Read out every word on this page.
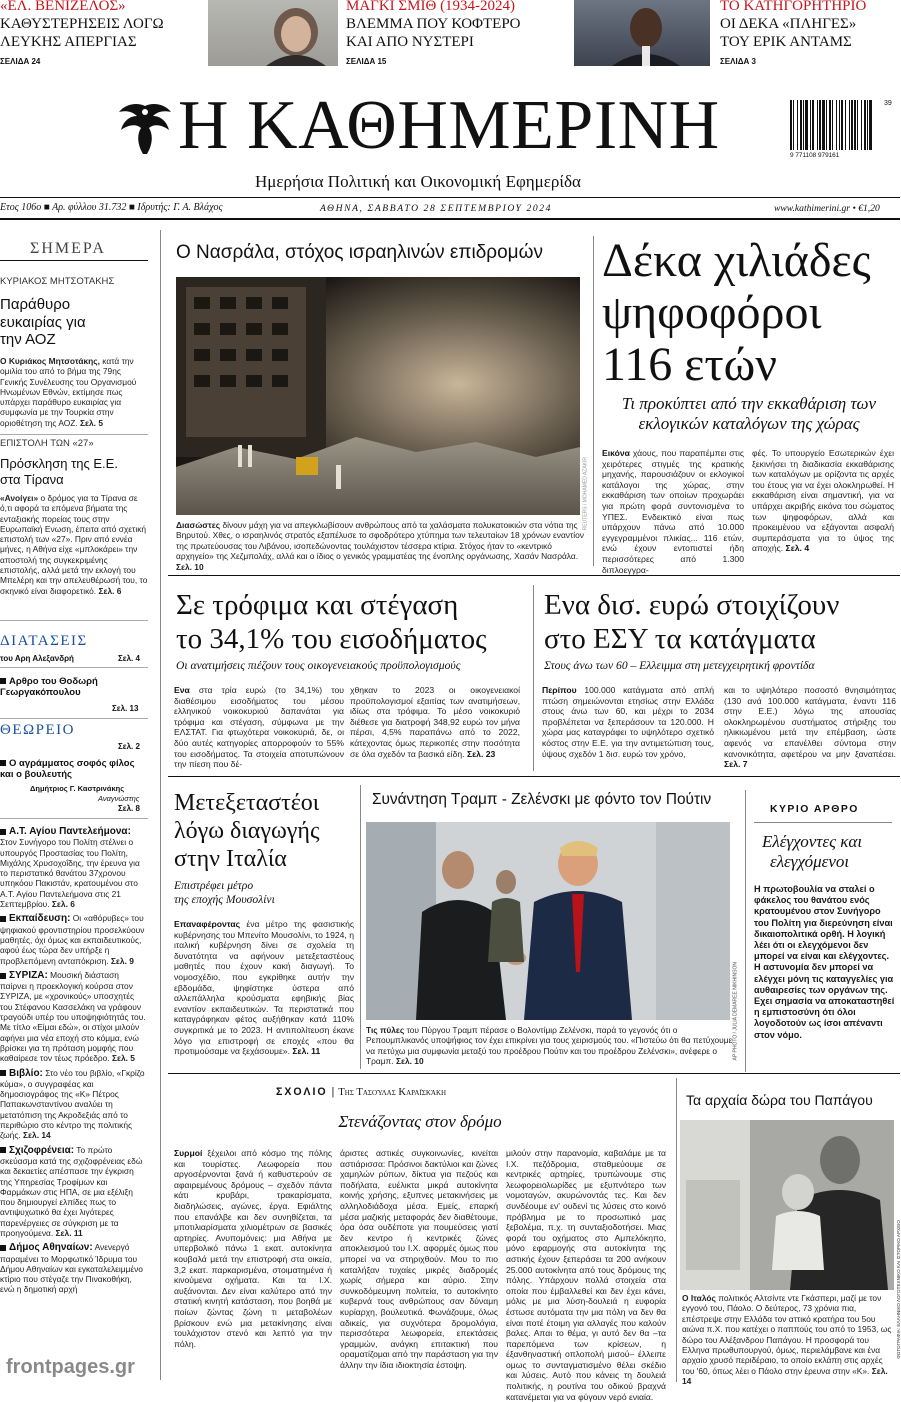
«ΕΛ. ΒΕΝΙΖΕΛΟΣ»
ΚΑΘΥΣΤΕΡΗΣΕΙΣ ΛΟΓΩ
ΛΕΥΚΗΣ ΑΠΕΡΓΙΑΣ
ΣΕΛΙΔΑ 24
ΜΑΓΚΙ ΣΜΙΘ (1934-2024)
ΒΛΕΜΜΑ ΠΟΥ ΚΟΦΤΕΡΟ
ΚΑΙ ΑΠΟ ΝΥΣΤΕΡΙ
ΣΕΛΙΔΑ 15
ΤΟ ΚΑΤΗΓΟΡΗΤΗΡΙΟ
ΟΙ ΔΕΚΑ «ΠΛΗΓΕΣ»
ΤΟΥ ΕΡΙΚ ΑΝΤΑΜΣ
ΣΕΛΙΔΑ 3
Η ΚΑΘΗΜΕΡΙΝΗ
Ημερήσια Πολιτική και Οικονομική Εφημερίδα
9 771108 979161
39
Ετος 106ο ■ Αρ. φύλλου 31.732 ■ Ιδρυτής: Γ. Α. Βλάχος	ΑΘΗΝΑ, ΣΑΒΒΑΤΟ 28 ΣΕΠΤΕΜΒΡΙΟΥ 2024	www.kathimerini.gr • €1,20
ΣΗΜΕΡΑ
ΚΥΡΙΑΚΟΣ ΜΗΤΣΟΤΑΚΗΣ
Παράθυρο ευκαιρίας για την ΑΟΖ
Ο Κυριάκος Μητσοτάκης, κατά την ομιλία του από το βήμα της 79ης Γενικής Συνέλευσης του Οργανισμού Ηνωμένων Εθνών, εκτίμησε πως υπάρχει παράθυρο ευκαιρίας για συμφωνία με την Τουρκία στην οριοθέτηση της ΑΟΖ. Σελ. 5
ΕΠΙΣΤΟΛΗ ΤΩΝ «27»
Πρόσκληση της Ε.Ε. στα Τίρανα
«Ανοίγει» ο δρόμος για τα Τίρανα σε ό,τι αφορά τα επόμενα βήματα της ενταξιακής πορείας τους στην Ευρωπαϊκή Ενωση, έπειτα από σχετική επιστολή των «27». Πριν από εννέα μήνες, η Αθήνα είχε «μπλοκάρει» την αποστολή της συγκεκριμένης επιστολής, αλλά μετά την εκλογή του Μπελέρη και την απελευθέρωσή του, το σκηνικό είναι διαφορετικό. Σελ. 6
ΔΙΑΤΑΣΕΙΣ
του Αρη Αλεξανδρή	Σελ. 4
Αρθρο του Θοδωρή Γεωργακόπουλου
Σελ. 13
ΘΕΩΡΕΙΟ
Σελ. 2
Ο αγράμματος σοφός φίλος και ο βουλευτής
Δημήτριος Γ. Καστρινάκης
Αναγνώστης
Σελ. 8
Α.Τ. Αγίου Παντελεήμονα: Στον Συνήγορο του Πολίτη στέλνει ο υπουργός Προστασίας του Πολίτη, Μιχάλης Χρυσοχοΐδης, την έρευνα για το περιστατικό θανάτου 37χρονου υπηκόου Πακιστάν, κρατουμένου στο Α.Τ. Αγίου Παντελεήμονα στις 21 Σεπτεμβρίου. Σελ. 6
Εκπαίδευση: Οι «αθόρυβες» του ψηφιακού φροντιστηρίου προσελκύουν μαθητές, όχι όμως και εκπαιδευτικούς, αφού έως τώρα δεν υπήρξε η προβλεπόμενη ανταπόκριση. Σελ. 9
ΣΥΡΙΖΑ: Μουσική διάσταση παίρνει η προεκλογική κούρσα στον ΣΥΡΙΖΑ, με «χρονικούς» υποσχητές του Στέφανου Κασσελάκη να γράφουν τραγούδι υπέρ του υποψηφιότητάς του. Με τίτλο «Είμαι εδώ», οι στίχοι μιλούν αφήνει μια νέα εποχή στο κόμμα, ενώ βρίσκει για τη πρόταση μομφής που καθαίρεσε τον τέως πρόεδρο. Σελ. 5
Βιβλίο: Στο νέο του βιβλίο, «Γκρίζο κύμα», ο συγγραφέας και δημοσιογράφος της «Κ» Πέτρος Παπακωνσταντίνου αναλύει τη μετατόπιση της Ακροδεξιάς από το περιθώριο στο κέντρο της πολιτικής ζωής. Σελ. 14
Σχιζοφρένεια: Το πρώτο σκεύασμα κατά της σχιζοφρένειας εδώ και δεκαετίες απέσπασε την έγκριση της Υπηρεσίας Τροφίμων και Φαρμάκων στις ΗΠΑ, σε μια εξέλιξη που δημιουργεί ελπίδες πως το αντιψυχωτικό θα έχει λιγότερες παρενέργειες σε σύγκριση με τα προηγούμενα. Σελ. 11
Δήμος Αθηναίων: Ανενεργό παραμένει το Μορφωτικό Ίδρυμα του Δήμου Αθηναίων και εγκαταλελειμμένο κτίριο που στέγαζε την Πινακοθήκη, ενώ η δημοτική αρχή
Ο Νασράλα, στόχος ισραηλινών επιδρομών
REUTERS / MOHAMED AZAKIR
Διασώστες δίνουν μάχη για να απεγκλωβίσουν ανθρώπους από τα χαλάσματα πολυκατοικιών στα νότια της Βηρυτού. Χθες, ο ισραηλινός στρατός εξαπέλυσε το σφοδρότερο χτύπημα των τελευταίων 18 χρόνων εναντίον της πρωτεύουσας του Λιβάνου, ισοπεδώνοντας τουλάχιστον τέσσερα κτίρια. Στόχος ήταν το «κεντρικό αρχηγείο» της Χεζμπολάχ, αλλά και ο ίδιος ο γενικός γραμματέας της ένοπλης οργάνωσης, Χασάν Νασράλα. Σελ. 10
Δέκα χιλιάδες
ψηφοφόροι
116 ετών
Τι προκύπτει από την εκκαθάριση των εκλογικών καταλόγων της χώρας
Εικόνα χάους, που παραπέμπει στις χειρότερες στιγμές της κρατικής μηχανής, παρουσιάζουν οι εκλογικοί κατάλογοι της χώρας, στην εκκαθάριση των οποίων προχωράει για πρώτη φορά συντονισμένα το ΥΠΕΣ. Ενδεικτικό είναι πως υπάρχουν πάνω από 10.000 εγγεγραμμένοι πλικίας... 116 ετών, ενώ έχουν εντοπιστεί ήδη περισσότερες από 1.300 διπλοεγγρα-
φές. Το υπουργείο Εσωτερικών έχει ξεκινήσει τη διαδικασία εκκαθάρισης των καταλόγων με ορίζοντα τις αρχές του έτους για να έχει ολοκληρωθεί. Η εκκαθάριση είναι σημαντική, για να υπάρχει ακριβής εικόνα του σώματος των ψηφοφόρων, αλλά και προκειμένου να εξάγονται ασφαλή συμπεράσματα για το ύψος της αποχής. Σελ. 4
Σε τρόφιμα και στέγαση
το 34,1% του εισοδήματος
Οι ανατιμήσεις πιέζουν τους οικογενειακούς προϋπολογισμούς
Ενα στα τρία ευρώ (το 34,1%) του διαθέσιμου εισοδήματος του μέσου ελληνικού νοικοκυριού δαπανάται για τρόφιμα και στέγαση, σύμφωνα με την ΕΛΣΤΑΤ. Για φτωχότερα νοικοκυριά, δε, οι δύο αυτές κατηγορίες απορροφούν το 55% του εισοδήματος. Τα στοιχεία αποτυπώνουν την πίεση που δέ-
χθηκαν το 2023 οι οικογενειακοί προϋπολογισμοί εξαιτίας των ανατιμήσεων, ιδίως στα τρόφιμα. Το μέσο νοικοκυριό διέθεσε για διατροφή 348,92 ευρώ τον μήνα πέρσι, 4,5% παραπάνω από το 2022, κάτεχοντας όμως περικοπές στην ποσότητα σε όλα σχεδόν τα βασικά είδη. Σελ. 23
Ενα δισ. ευρώ στοιχίζουν
στο ΕΣΥ τα κατάγματα
Στους άνω των 60 – Ελλειμμα στη μετεγχειρητική φροντίδα
Περίπου 100.000 κατάγματα από απλή πτώση σημειώνονται ετησίως στην Ελλάδα στους άνω των 60, και μέχρι το 2034 προβλέπεται να ξεπεράσουν τα 120.000. Η χώρα μας καταγράφει το υψηλότερο σχετικό κόστος στην Ε.Ε. για την αντιμετώπιση τους, ύψους σχεδόν 1 δισ. ευρώ τον χρόνο,
και το υψηλότερο ποσοστό θνησιμότητας (130 ανά 100.000 κατάγματα, έναντι 116 στην Ε.Ε.) λόγω της απουσίας ολοκληρωμένου συστήματος στήριξης του ηλικιωμένου μετά την επέμβαση, ώστε αφενός να επανέλθει σύντομα στην κανονικότητα, αφετέρου να μην ξαναπέσει. Σελ. 7
Μετεξεταστέοι
λόγω διαγωγής
στην Ιταλία
Επιστρέφει μέτρο
της εποχής Μουσολίνι
Επαναφέροντας ένα μέτρο της φασιστικής κυβέρνησης του Μπενίτο Μουσολίνι, το 1924, η ιταλική κυβέρνηση δίνει σε σχολεία τη δυνατότητα να αφήνουν μετεξεταστέους μαθητές που έχουν κακή διαγωγή. Το νομοσχέδιο, που εγκρίθηκε αυτήν την εβδομάδα, ψηφίστηκε ύστερα από αλλεπάλληλα κρούσματα εφηβικής βίας εναντίον εκπαιδευτικών. Τα περιστατικά που καταγράφηκαν φέτος αυξήθηκαν κατά 110% συγκριτικά με το 2023. Η αντιπολίτευση έκανε λόγο για επιστροφή σε εποχές «που θα προτιμούσαμε να ξεχάσουμε». Σελ. 11
Συνάντηση Τραμπ - Ζελένσκι με φόντο τον Πούτιν
AP PHOTO / JULIA DEMAREE NIKHINSON
Τις πύλες του Πύργου Τραμπ πέρασε ο Βολοντίμιρ Ζελένσκι, παρά το γεγονός ότι ο Ρεπουμπλικανός υποψήφιος τον έχει επικρίνει για τους χειρισμούς του. «Πιστεύω ότι θα πετύχουμε να πετύχω μια συμφωνία μεταξύ του προέδρου Πούτιν και του προέδρου Ζελένσκι», ανέφερε ο Τραμπ. Σελ. 10
ΚΥΡΙΟ ΑΡΘΡΟ
Ελέγχοντες και
ελεγχόμενοι
Η πρωτοβουλία να σταλεί ο φάκελος του θανάτου ενός κρατουμένου στον Συνήγορο του Πολίτη για διερεύνηση είναι δικαιοπολιτικά ορθή. Η λογική λέει ότι οι ελεγχόμενοι δεν μπορεί να είναι και ελέγχοντες. Η αστυνομία δεν μπορεί να ελέγχει μόνη τις καταγγελίες για αυθαιρεσίες των οργάνων της. Εχει σημασία να αποκαταστηθεί η εμπιστοσύνη ότι όλοι λογοδοτούν ως ίσοι απέναντι στον νόμο.
ΣΧΟΛΙΟ | Της Τασούλας Καραϊσκάκη
Στενάζοντας στον δρόμο
Συρμοί ξέχειλοι από κόσμο της πόλης και τουρίστες. Λεωφορεία που αργοσέρνονται ξανά ή καθυστερούν σε αφαιρεμένους δρόμους – σχεδόν πάντα κάτι κρυβάρι, τρακαρίσματα, διαδηλώσεις, αγώνες, έργα. Εφιάλτης που επανάλβε και δεν συνηθίζεται, τα μποτιλιαρίσματα χιλιομέτρων σε βασικές αρτηρίες. Ανυπομόνεις: μια Αθήνα με υπερβολικό πάνω 1 εκατ. αυτοκίνητα κουβαλά μετά την επιστροφή στα οικεία, 3,2 εκατ. παρκαρισμένα, στοιματημένα ή κινούμενα οχήματα. Και τα Ι.Χ. αυξάνονται. Δεν είναι καλύτερο από την στατική κινητή κατάσταση, που βοηθά με ποίων ζώντας ζώνη τι μεταβολέων βρίσκουν ενώ μια μετακίνησης είναι τουλάχιστον στενό και λεπτό για την πόλη.
άριστες αστικές συγκοινωνίες, κινείται αστιάρισσα: Πρόσινοι δακτύλιοι και ζώνες χαμηλών ρύπων, δίκτυα για πεζούς και ποδήλατα, ευέλικτα μικρά αυτοκίνητα κοινής χρήσης, εξυπνες μετακινήσεις με αλληλοδιάδοχα μέσα. Εμείς, επαρκή μέσα μαζικής μεταφοράς δεν διαθέτουμε, όρα όσα ουδέποτε για πουμεύσεις γιατί δεν κεντρο ή κεντρικές ζώνες αποκλεισμού του Ι.Χ. αφορμές όμως που μπορεί να να στηριχθούν. Μου το πιο καταλήξαν τυχαίες μικρές διαδρομές χωρίς σήμερα και αύριο. Στην συνκοδόμευμνη πολιτεία, το αυτοκίνητο κυβερνά τους ανθρώπους σαν δύναμη κυρίαρχη, βουλευτικά. Φωνάζουμε, όλως αδικείς, για συχνότερα δρομολόγια, περισσότερα λεωφορεία, επεκτάσεις γραμμών, ανάγκη επιτακτική που οραματίζομαι από την παράσταση για την άλλην την ίδια ιδιοκτησία έστοψη.
μιλούν στην παρανομία, καβαλάμε με τα Ι.Χ. πεζόδρομια, σταθμεύουμε σε κεντρικές αρτηρίες, τρυπώνουμε στις λεωφορειολωρίδες με εξυπνότερο των νομοταγών, ακυρώνοντάς τες. Και δεν συνδέουμε εν' ουδενί τις λύσεις στο κοινό πρόβλημα με το προσωπικό μας ξεβολέμα, π.χ. τη συνταξιοδοτήσει. Μιας φορά του οχήματος στο Αμπελόκηπο, μόνο εφαρμογής στα αυτοκίνητα της αστικής έχουν ξεπεράσει τα 200 ανήκουν 25.000 αυτοκίνητα από τους δρόμους της πόλης. Υπάρχουν πολλά στοιχεία στα οποία που έμβαλλεθεί και δεν έχει κάνει, μόλις με μια λύση-δουλειά η ευφορία έστωσε αυτόματα την μια πόλη να δεν θα είναι ποτέ έτοιμη για αλλαγές που καλούν βαλες. Απαι το θέμα, γι αυτό δεν θα –τα παρεπόμενα των κρίσεων, η έξανθηναστική οπλοπολή μισού– έλλειπε ομως το συνταγματισμένο θέλει σκέδιο και λύσεις. Αυτό που κάνεις τη δουλειά πολιτικής, η ρουτίνα του οδικού βραχνά κατανέμεται για να φύγουν νερό ενιαία.
Τα αρχαία δώρα του Παπάγου
ΦΩΤΟΓΡΑΦΙΑ: ΕΛΛΗΝΙΚΟ ΛΟΓΟΤΕΧΝΙΚΟ ΚΑΙ ΙΣΤΟΡΙΚΟ ΑΡΧΕΙΟ
Ο Ιταλός πολιτικός Αλτσίντε ντε Γκάσπερι, μαζί με τον εγγονό του, Πάολο. Ο δεύτερος, 73 χρόνια πια, επέστρεψε στην Ελλάδα τον αττικό κρατήρα του 5ου αιώνα π.Χ. που κατέχει ο παππούς του από το 1953, ως δώρο του Αλέξανδρου Παπάγου. Η προσφορά του Ελληνα πρωθυπουργού, όμως, περιελάμβανε και ένα αρχαίο χρυσό περιδέραιο, το οποίο εκλάπη στις αρχές του '60, όπως λέει ο Πάολο στην έρευνα στην «Κ». Σελ. 14
frontpages.gr
